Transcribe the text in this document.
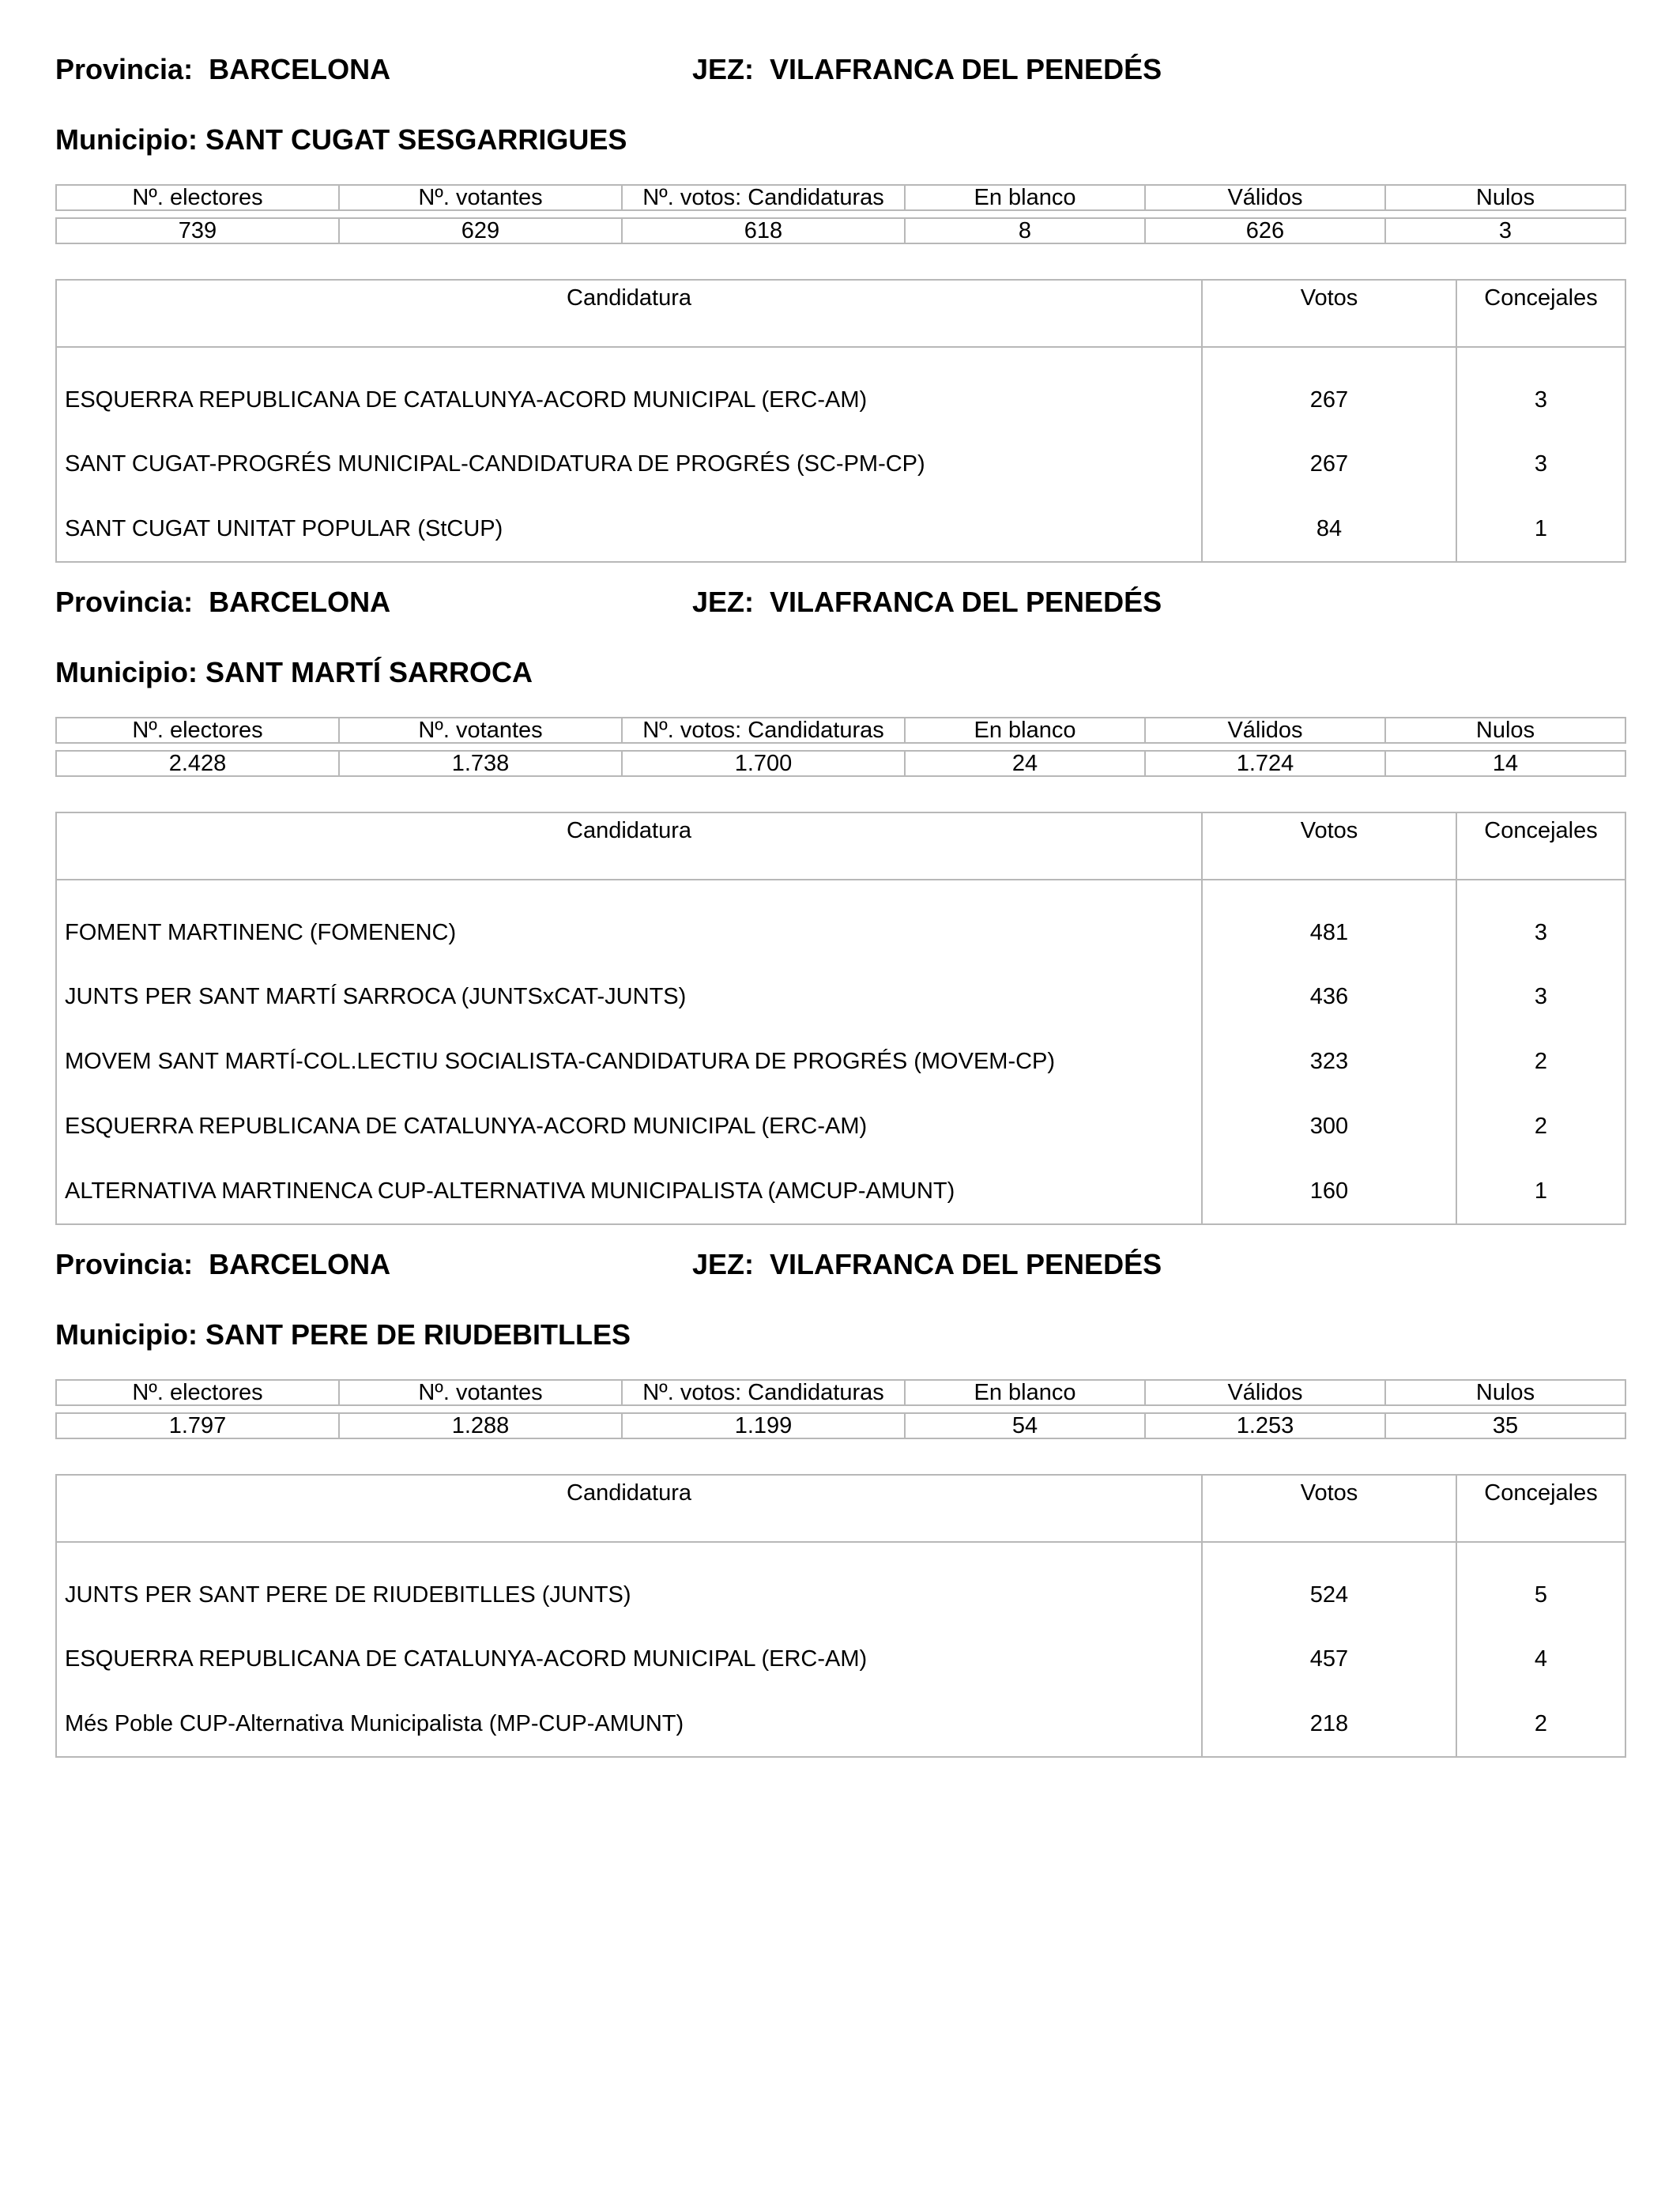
Provincia: BARCELONA	JEZ: VILAFRANCA DEL PENEDÉS
Municipio: SANT CUGAT SESGARRIGUES
Nº. electores	Nº. votantes	Nº. votos: Candidaturas	En blanco	Válidos	Nulos

739	629	618	8	626	3
Candidatura	Votos	Concejales
ESQUERRA REPUBLICANA DE CATALUNYA-ACORD MUNICIPAL (ERC-AM)	267	3
SANT CUGAT-PROGRÉS MUNICIPAL-CANDIDATURA DE PROGRÉS (SC-PM-CP)	267	3
SANT CUGAT UNITAT POPULAR (StCUP)	84	1
Provincia: BARCELONA	JEZ: VILAFRANCA DEL PENEDÉS
Municipio: SANT MARTÍ SARROCA
Nº. electores	Nº. votantes	Nº. votos: Candidaturas	En blanco	Válidos	Nulos

2.428	1.738	1.700	24	1.724	14
Candidatura	Votos	Concejales
FOMENT MARTINENC (FOMENENC)	481	3
JUNTS PER SANT MARTÍ SARROCA (JUNTSxCAT-JUNTS)	436	3
MOVEM SANT MARTÍ-COL.LECTIU SOCIALISTA-CANDIDATURA DE PROGRÉS (MOVEM-CP)	323	2
ESQUERRA REPUBLICANA DE CATALUNYA-ACORD MUNICIPAL (ERC-AM)	300	2
ALTERNATIVA MARTINENCA CUP-ALTERNATIVA MUNICIPALISTA (AMCUP-AMUNT)	160	1
Provincia: BARCELONA	JEZ: VILAFRANCA DEL PENEDÉS
Municipio: SANT PERE DE RIUDEBITLLES
Nº. electores	Nº. votantes	Nº. votos: Candidaturas	En blanco	Válidos	Nulos

1.797	1.288	1.199	54	1.253	35
Candidatura	Votos	Concejales
JUNTS PER SANT PERE DE RIUDEBITLLES (JUNTS)	524	5
ESQUERRA REPUBLICANA DE CATALUNYA-ACORD MUNICIPAL (ERC-AM)	457	4
Més Poble CUP-Alternativa Municipalista (MP-CUP-AMUNT)	218	2
